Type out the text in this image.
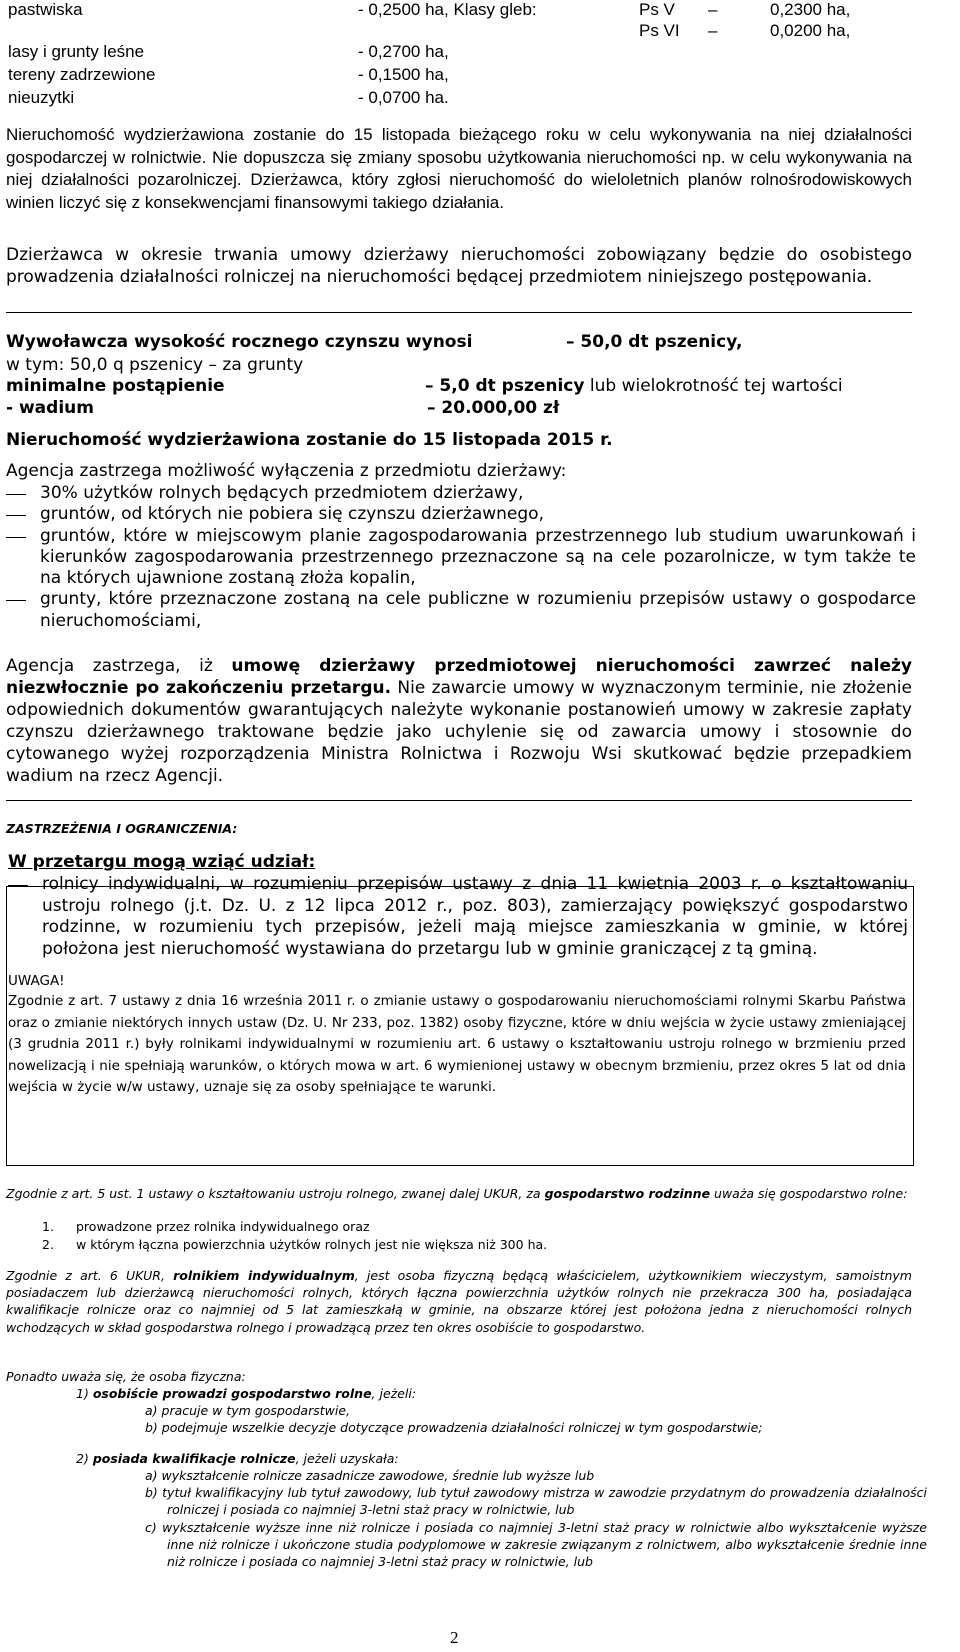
pastwiska	- 0,2500 ha, Klasy gleb:
lasy i grunty leśne	- 0,2700 ha,
tereny zadrzewione	- 0,1500 ha,
nieuzytki	- 0,0700 ha.
Ps V –	0,2300 ha,
Ps VI –	0,0200 ha,
Nieruchomość wydzierżawiona zostanie do 15 listopada bieżącego roku w celu wykonywania na niej działalności gospodarczej w rolnictwie. Nie dopuszcza się zmiany sposobu użytkowania nieruchomości np. w celu wykonywania na niej działalności pozarolniczej. Dzierżawca, który zgłosi nieruchomość do wieloletnich planów rolnośrodowiskowych winien liczyć się z konsekwencjami finansowymi takiego działania.
Dzierżawca w okresie trwania umowy dzierżawy nieruchomości zobowiązany będzie do osobistego prowadzenia działalności rolniczej na nieruchomości będącej przedmiotem niniejszego postępowania.
Wywoławcza wysokość rocznego czynszu wynosi	– 50,0 dt pszenicy,
w tym: 50,0 q pszenicy – za grunty
minimalne postąpienie	– 5,0 dt pszenicy lub wielokrotność tej wartości
- wadium	– 20.000,00 zł
Nieruchomość wydzierżawiona zostanie do 15 listopada 2015 r.
Agencja zastrzega możliwość wyłączenia z przedmiotu dzierżawy:
30% użytków rolnych będących przedmiotem dzierżawy,
gruntów, od których nie pobiera się czynszu dzierżawnego,
gruntów, które w miejscowym planie zagospodarowania przestrzennego lub studium uwarunkowań i kierunków zagospodarowania przestrzennego przeznaczone są na cele pozarolnicze, w tym także te na których ujawnione zostaną złoża kopalin,
grunty, które przeznaczone zostaną na cele publiczne w rozumieniu przepisów ustawy o gospodarce nieruchomościami,
Agencja zastrzega, iż umowę dzierżawy przedmiotowej nieruchomości zawrzeć należy niezwłocznie po zakończeniu przetargu. Nie zawarcie umowy w wyznaczonym terminie, nie złożenie odpowiednich dokumentów gwarantujących należyte wykonanie postanowień umowy w zakresie zapłaty czynszu dzierżawnego traktowane będzie jako uchylenie się od zawarcia umowy i stosownie do cytowanego wyżej rozporządzenia Ministra Rolnictwa i Rozwoju Wsi skutkować będzie przepadkiem wadium na rzecz Agencji.
ZASTRZEŻENIA I OGRANICZENIA:
W przetargu mogą wziąć udział:
rolnicy indywidualni, w rozumieniu przepisów ustawy z dnia 11 kwietnia 2003 r. o kształtowaniu ustroju rolnego (j.t. Dz. U. z 12 lipca 2012 r., poz. 803), zamierzający powiększyć gospodarstwo rodzinne, w rozumieniu tych przepisów, jeżeli mają miejsce zamieszkania w gminie, w której położona jest nieruchomość wystawiana do przetargu lub w gminie graniczącej z tą gminą.
UWAGA!
Zgodnie z art. 7 ustawy z dnia 16 września 2011 r. o zmianie ustawy o gospodarowaniu nieruchomościami rolnymi Skarbu Państwa oraz o zmianie niektórych innych ustaw (Dz. U. Nr 233, poz. 1382) osoby fizyczne, które w dniu wejścia w życie ustawy zmieniającej (3 grudnia 2011 r.) były rolnikami indywidualnymi w rozumieniu art. 6 ustawy o kształtowaniu ustroju rolnego w brzmieniu przed nowelizacją i nie spełniają warunków, o których mowa w art. 6 wymienionej ustawy w obecnym brzmieniu, przez okres 5 lat od dnia wejścia w życie w/w ustawy, uznaje się za osoby spełniające te warunki.
Zgodnie z art. 5 ust. 1 ustawy o kształtowaniu ustroju rolnego, zwanej dalej UKUR, za gospodarstwo rodzinne uważa się gospodarstwo rolne:
1. prowadzone przez rolnika indywidualnego oraz
2. w którym łączna powierzchnia użytków rolnych jest nie większa niż 300 ha.
Zgodnie z art. 6 UKUR, rolnikiem indywidualnym, jest osoba fizyczną będącą właścicielem, użytkownikiem wieczystym, samoistnym posiadaczem lub dzierżawcą nieruchomości rolnych, których łączna powierzchnia użytków rolnych nie przekracza 300 ha, posiadająca kwalifikacje rolnicze oraz co najmniej od 5 lat zamieszkałą w gminie, na obszarze której jest położona jedna z nieruchomości rolnych wchodzących w skład gospodarstwa rolnego i prowadzącą przez ten okres osobiście to gospodarstwo.
Ponadto uważa się, że osoba fizyczna:
1) osobiście prowadzi gospodarstwo rolne, jeżeli:
a) pracuje w tym gospodarstwie,
b) podejmuje wszelkie decyzje dotyczące prowadzenia działalności rolniczej w tym gospodarstwie;
2) posiada kwalifikacje rolnicze, jeżeli uzyskała:
a) wykształcenie rolnicze zasadnicze zawodowe, średnie lub wyższe lub
b) tytuł kwalifikacyjny lub tytuł zawodowy, lub tytuł zawodowy mistrza w zawodzie przydatnym do prowadzenia działalności rolniczej i posiada co najmniej 3-letni staż pracy w rolnictwie, lub
c) wykształcenie wyższe inne niż rolnicze i posiada co najmniej 3-letni staż pracy w rolnictwie albo wykształcenie wyższe inne niż rolnicze i ukończone studia podyplomowe w zakresie związanym z rolnictwem, albo wykształcenie średnie inne niż rolnicze i posiada co najmniej 3-letni staż pracy w rolnictwie, lub
2
